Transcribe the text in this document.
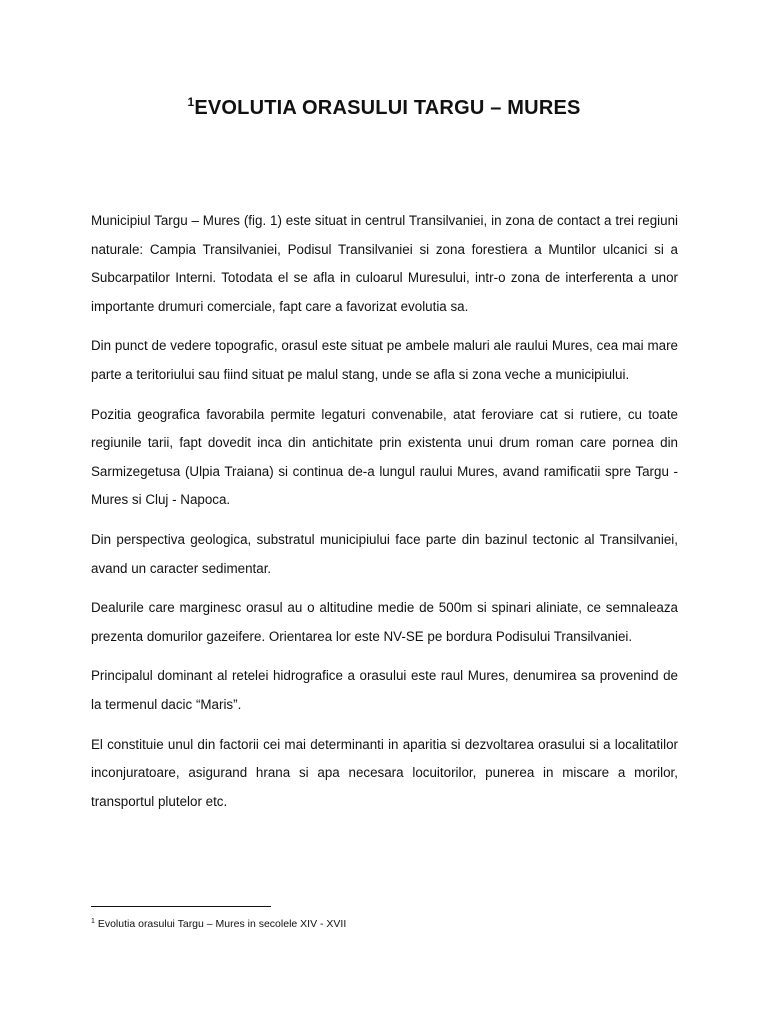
$^1$EVOLUTIA ORASULUI TARGU – MURES

Municipiul Targu – Mures (fig. 1) este situat in centrul Transilvaniei, in zona de contact a trei regiuni naturale: Campia Transilvaniei, Podisul Transilvaniei si zona forestiera a Muntilor ulcanici si a Subcarpatilor Interni. Totodata el se afla in culoarul Muresului, intr-o zona de interferenta a unor importante drumuri comerciale, fapt care a favorizat evolutia sa.

Din punct de vedere topografic, orasul este situat pe ambele maluri ale raului Mures, cea mai mare parte a teritoriului sau fiind situat pe malul stang, unde se afla si zona veche a municipiului.

Pozitia geografica favorabila permite legaturi convenabile, atat feroviare cat si rutiere, cu toate regiunile tarii, fapt dovedit inca din antichitate prin existenta unui drum roman care pornea din Sarmizegetusa (Ulpia Traiana) si continua de-a lungul raului Mures, avand ramificatii spre Targu - Mures si Cluj - Napoca.

Din perspectiva geologica, substratul municipiului face parte din bazinul tectonic al Transilvaniei, avand un caracter sedimentar.

Dealurile care marginesc orasul au o altitudine medie de 500m si spinari aliniate, ce semnaleaza prezenta domurilor gazeifere. Orientarea lor este NV-SE pe bordura Podisului Transilvaniei.

Principalul dominant al retelei hidrografice a orasului este raul Mures, denumirea sa provenind de la termenul dacic “Maris”.

El constituie unul din factorii cei mai determinanti in aparitia si dezvoltarea orasului si a localitatilor inconjuratoare, asigurand hrana si apa necesara locuitorilor, punerea in miscare a morilor, transportul plutelor etc.

$^1$ Evolutia orasului Targu – Mures in secolele XIV - XVII
